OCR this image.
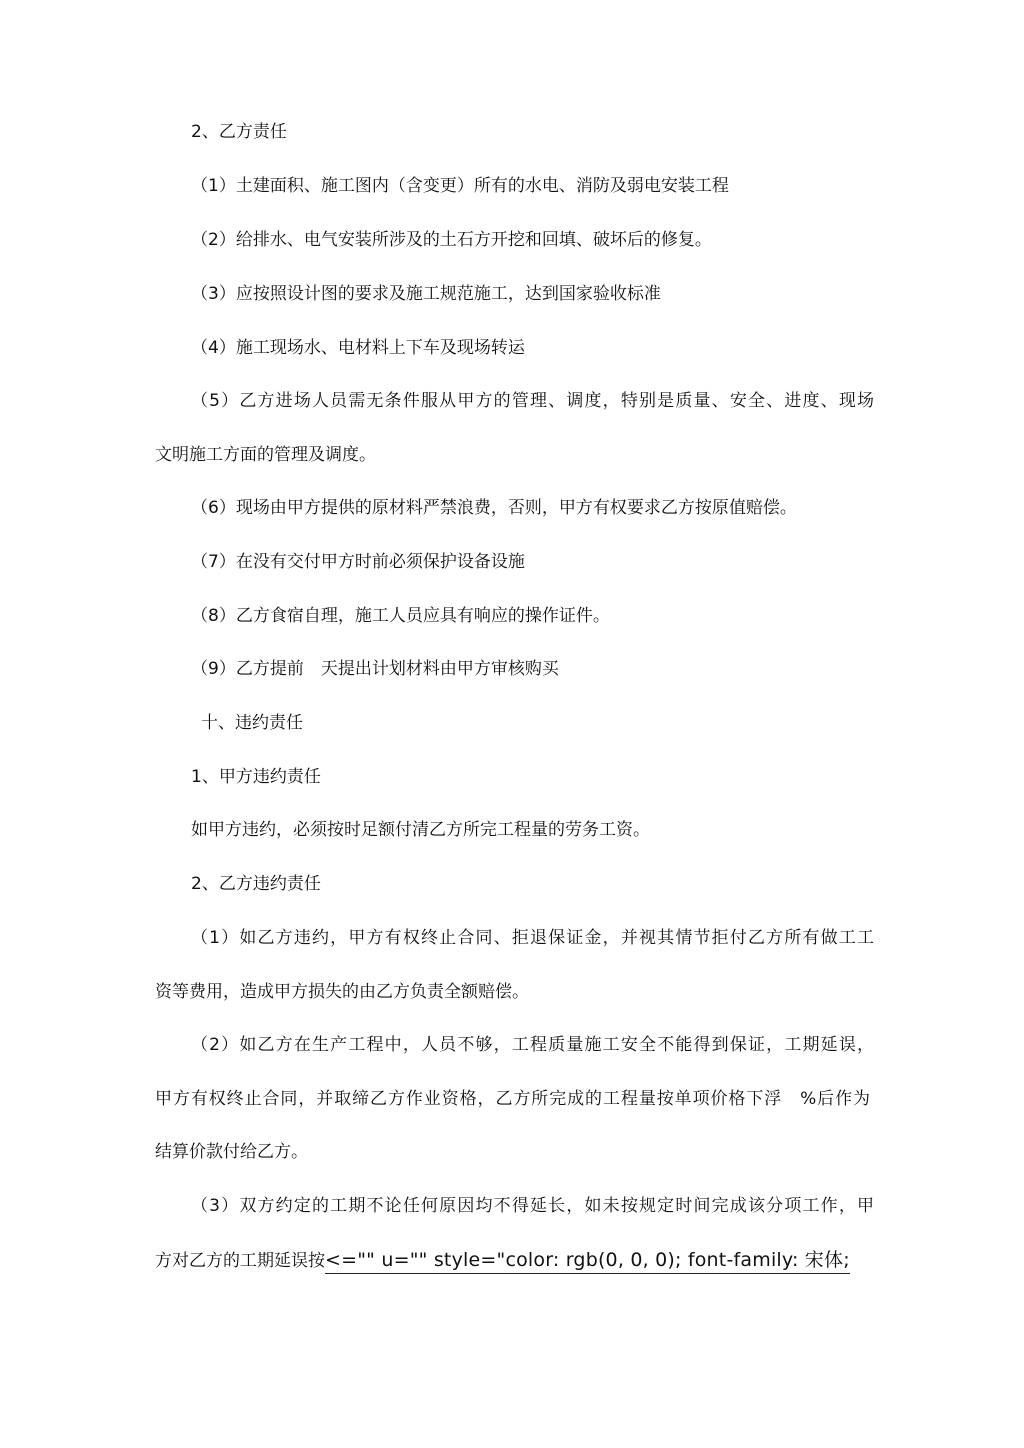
2、乙方责任
（1）土建面积、施工图内（含变更）所有的水电、消防及弱电安装工程
（2）给排水、电气安装所涉及的土石方开挖和回填、破坏后的修复。
（3）应按照设计图的要求及施工规范施工，达到国家验收标准
（4）施工现场水、电材料上下车及现场转运
（5）乙方进场人员需无条件服从甲方的管理、调度，特别是质量、安全、进度、现场
文明施工方面的管理及调度。
（6）现场由甲方提供的原材料严禁浪费，否则，甲方有权要求乙方按原值赔偿。
（7）在没有交付甲方时前必须保护设备设施
（8）乙方食宿自理，施工人员应具有响应的操作证件。
（9）乙方提前　天提出计划材料由甲方审核购买
十、违约责任
1、甲方违约责任
如甲方违约，必须按时足额付清乙方所完工程量的劳务工资。
2、乙方违约责任
（1）如乙方违约，甲方有权终止合同、拒退保证金，并视其情节拒付乙方所有做工工
资等费用，造成甲方损失的由乙方负责全额赔偿。
（2）如乙方在生产工程中，人员不够，工程质量施工安全不能得到保证，工期延误，
甲方有权终止合同，并取缔乙方作业资格，乙方所完成的工程量按单项价格下浮　%后作为
结算价款付给乙方。
（3）双方约定的工期不论任何原因均不得延长，如未按规定时间完成该分项工作，甲
方对乙方的工期延误按<="" u="" style="color: rgb(0, 0, 0); font-family: 宋体;
